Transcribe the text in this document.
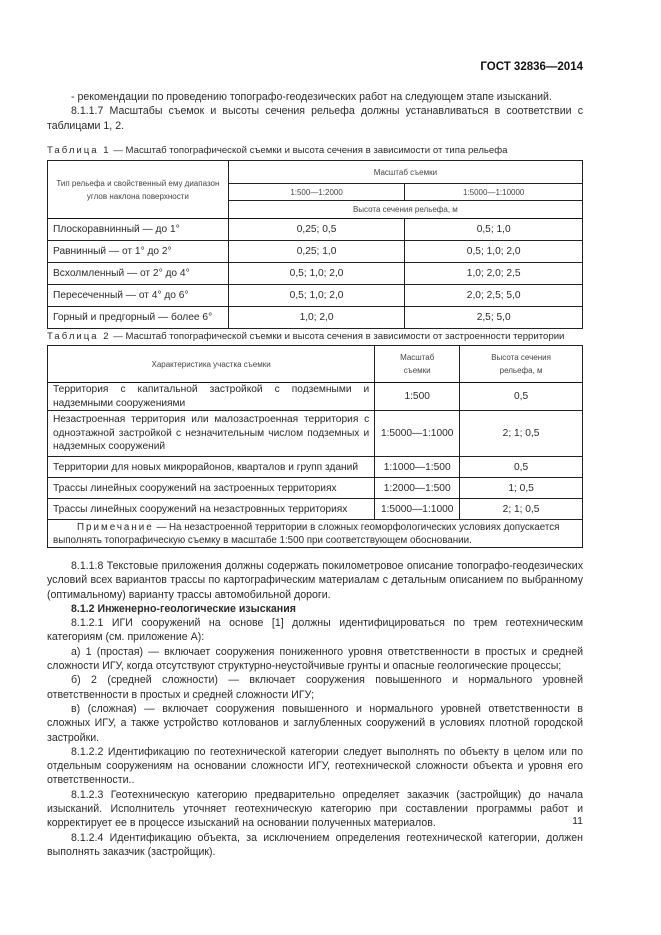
ГОСТ 32836—2014

- рекомендации по проведению топографо-геодезических работ на следующем этапе изысканий.

8.1.1.7 Масштабы съемок и высоты сечения рельефа должны устанавливаться в соответствии с таблицами 1, 2.

Таблица 1 — Масштаб топографической съемки и высота сечения в зависимости от типа рельефа
Тип рельефа и свойственный ему диапазон углов наклона поверхности	Масштаб съемки	
	1:500—1:2000	1:5000—1:10000
	Высота сечения рельефа, м	
Плоскоравнинный — до 1°	0,25; 0,5	0,5; 1,0
Равнинный — от 1° до 2°	0,25; 1,0	0,5; 1,0; 2,0
Всхолмленный — от 2° до 4°	0,5; 1,0; 2,0	1,0; 2,0; 2,5
Пересеченный — от 4° до 6°	0,5; 1,0; 2,0	2,0; 2,5; 5,0
Горный и предгорный — более 6°	1,0; 2,0	2,5; 5,0
Таблица 2 — Масштаб топографической съемки и высота сечения в зависимости от застроенности территории
Характеристика участка съемки	Масштаб съемки	Высота сечения рельефа, м
Территория с капитальной застройкой с подземными и надземными сооружениями	1:500	0,5
Незастроенная территория или малозастроенная территория с одноэтажной застройкой с незначительным числом подземных и надземных сооружений	1:5000—1:1000	2; 1; 0,5
Территории для новых микрорайонов, кварталов и групп зданий	1:1000—1:500	0,5
Трассы линейных сооружений на застроенных территориях	1:2000—1:500	1; 0,5
Трассы линейных сооружений на незастровнных территориях	1:5000—1:1000	2; 1; 0,5
Примечание — На незастроенной территории в сложных геоморфологических условиях допускается выполнять топографическую съемку в масштабе 1:500 при соответствующем обосновании.		

8.1.1.8 Текстовые приложения должны содержать покилометровое описание топографо-геодезических условий всех вариантов трассы по картографическим материалам с детальным описанием по выбранному (оптимальному) варианту трассы автомобильной дороги.

8.1.2 Инженерно-геологические изыскания

8.1.2.1 ИГИ сооружений на основе [1] должны идентифицироваться по трем геотехническим категориям (см. приложение А):

а) 1 (простая) — включает сооружения пониженного уровня ответственности в простых и средней сложности ИГУ, когда отсутствуют структурно-неустойчивые грунты и опасные геологические процессы;

б) 2 (средней сложности) — включает сооружения повышенного и нормального уровней ответственности в простых и средней сложности ИГУ;

в) (сложная) — включает сооружения повышенного и нормального уровней ответственности в сложных ИГУ, а также устройство котлованов и заглубленных сооружений в условиях плотной городской застройки.

8.1.2.2 Идентификацию по геотехнической категории следует выполнять по объекту в целом или по отдельным сооружениям на основании сложности ИГУ, геотехнической сложности объекта и уровня его ответственности..

8.1.2.3 Геотехническую категорию предварительно определяет заказчик (застройщик) до начала изысканий. Исполнитель уточняет геотехническую категорию при составлении программы работ и корректирует ее в процессе изысканий на основании полученных материалов.

8.1.2.4 Идентификацию объекта, за исключением определения геотехнической категории, должен выполнять заказчик (застройщик).

11
